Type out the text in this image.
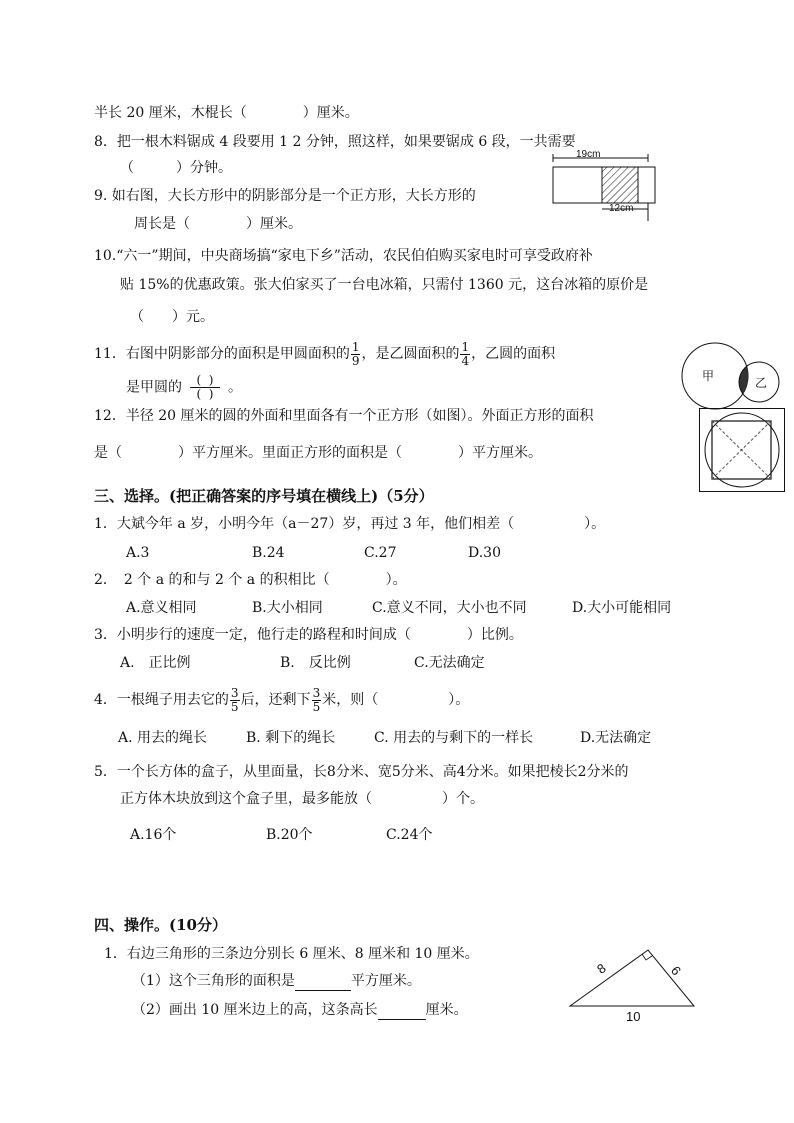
半长 20 厘米，木棍长（　　　　）厘米。
8．把一根木料锯成 4 段要用 1 2 分钟，照这样，如果要锯成 6 段，一共需要
（　　　）分钟。
9. 如右图，大长方形中的阴影部分是一个正方形，大长方形的
周长是（　　　　）厘米。
19cm
12cm
10.“六一”期间，中央商场搞“家电下乡”活动，农民伯伯购买家电时可享受政府补
贴 15%的优惠政策。张大伯家买了一台电冰箱，只需付 1360 元，这台冰箱的原价是
（　　）元。
11．右图中阴影部分的面积是甲圆面积的 $\frac{1}{9}$ ，是乙圆面积的 $\frac{1}{4}$ ，乙圆的面积
是甲圆的 $\frac{( )}{( )}$ 。
甲	乙
12．半径 20 厘米的圆的外面和里面各有一个正方形（如图）。外面正方形的面积
是（　　　　）平方厘米。里面正方形的面积是（　　　　）平方厘米。
三、选择。(把正确答案的序号填在横线上)（5分）
1．大斌今年 a 岁，小明今年（a－27）岁，再过 3 年，他们相差（　　　　　）。
A.3	B.24	C.27	D.30
2．　2 个 a 的和与 2 个 a 的积相比（　　　　）。
A.意义相同	B.大小相同	C.意义不同，大小也不同	D.大小可能相同
3．小明步行的速度一定，他行走的路程和时间成（　　　　）比例。
A.　正比例	B.　反比例	C.无法确定
4．一根绳子用去它的 $\frac{3}{5}$ 后，还剩下 $\frac{3}{5}$ 米，则（　　　　　）。
A. 用去的绳长	B. 剩下的绳长	C. 用去的与剩下的一样长	D.无法确定
5．一个长方体的盒子，从里面量，长8分米、宽5分米、高4分米。如果把棱长2分米的
正方体木块放到这个盒子里，最多能放（　　　　　）个。
A.16个	B.20个	C.24个
四、操作。(10分）
1．右边三角形的三条边分别长 6 厘米、8 厘米和 10 厘米。
（1）这个三角形的面积是	平方厘米。
（2）画出 10 厘米边上的高，这条高长	厘米。
8	6
10
